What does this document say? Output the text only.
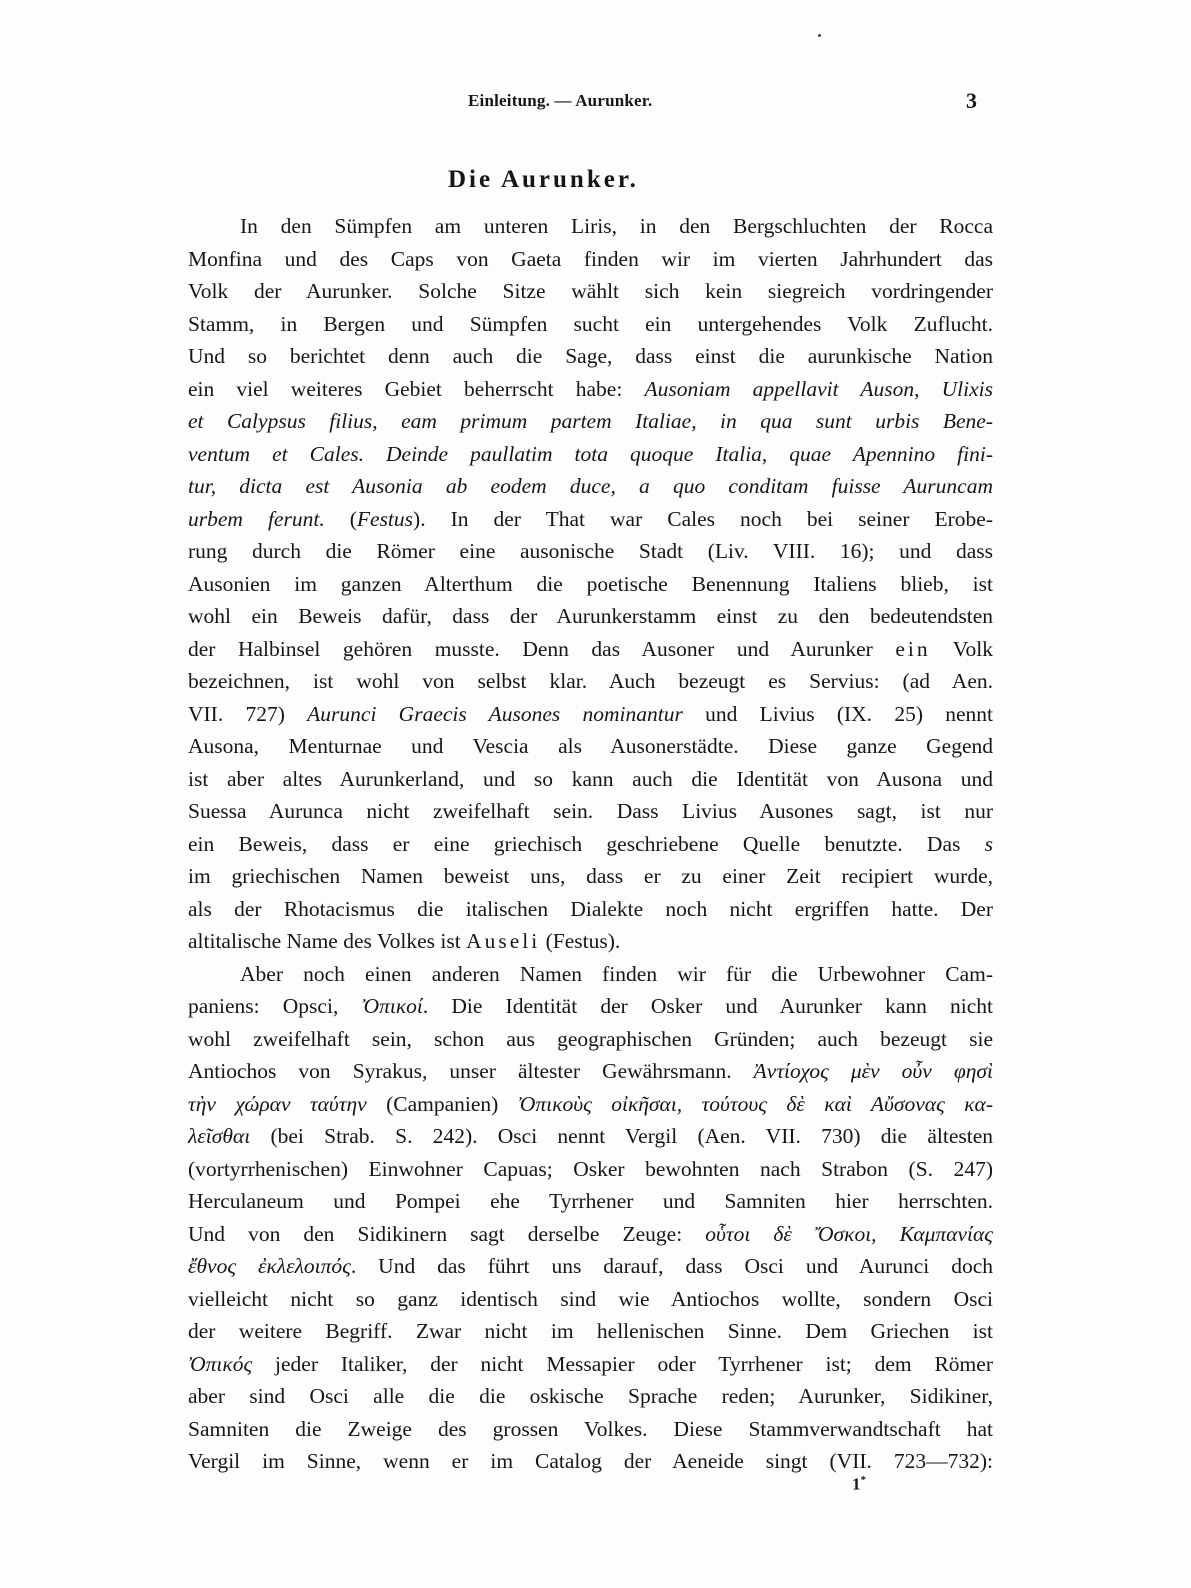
Einleitung. — Aurunker.	3
Die Aurunker.
In den Sümpfen am unteren Liris, in den Bergschluchten der Rocca
Monfina und des Caps von Gaeta finden wir im vierten Jahrhundert das
Volk der Aurunker. Solche Sitze wählt sich kein siegreich vordringender
Stamm, in Bergen und Sümpfen sucht ein untergehendes Volk Zuflucht.
Und so berichtet denn auch die Sage, dass einst die aurunkische Nation
ein viel weiteres Gebiet beherrscht habe: Ausoniam appellavit Auson, Ulixis
et Calypsus filius, eam primum partem Italiae, in qua sunt urbis Bene-
ventum et Cales. Deinde paullatim tota quoque Italia, quae Apennino fini-
tur, dicta est Ausonia ab eodem duce, a quo conditam fuisse Auruncam
urbem ferunt. (Festus). In der That war Cales noch bei seiner Erobe-
rung durch die Römer eine ausonische Stadt (Liv. VIII. 16); und dass
Ausonien im ganzen Alterthum die poetische Benennung Italiens blieb, ist
wohl ein Beweis dafür, dass der Aurunkerstamm einst zu den bedeutendsten
der Halbinsel gehören musste. Denn das Ausoner und Aurunker ein Volk
bezeichnen, ist wohl von selbst klar. Auch bezeugt es Servius: (ad Aen.
VII. 727) Aurunci Graecis Ausones nominantur und Livius (IX. 25) nennt
Ausona, Menturnae und Vescia als Ausonerstädte. Diese ganze Gegend
ist aber altes Aurunkerland, und so kann auch die Identität von Ausona und
Suessa Aurunca nicht zweifelhaft sein. Dass Livius Ausones sagt, ist nur
ein Beweis, dass er eine griechisch geschriebene Quelle benutzte. Das s
im griechischen Namen beweist uns, dass er zu einer Zeit recipiert wurde,
als der Rhotacismus die italischen Dialekte noch nicht ergriffen hatte. Der
altitalische Name des Volkes ist Auseli (Festus).
Aber noch einen anderen Namen finden wir für die Urbewohner Cam-
paniens: Opsci, Ὀπικοί. Die Identität der Osker und Aurunker kann nicht
wohl zweifelhaft sein, schon aus geographischen Gründen; auch bezeugt sie
Antiochos von Syrakus, unser ältester Gewährsmann. Ἀντίοχος μὲν οὖν φησὶ
τὴν χώραν ταύτην (Campanien) Ὀπικοὺς οἰκῆσαι, τούτους δὲ καὶ Αὔσονας κα-
λεῖσθαι (bei Strab. S. 242). Osci nennt Vergil (Aen. VII. 730) die ältesten
(vortyrrhenischen) Einwohner Capuas; Osker bewohnten nach Strabon (S. 247)
Herculaneum und Pompei ehe Tyrrhener und Samniten hier herrschten.
Und von den Sidikinern sagt derselbe Zeuge: οὗτοι δὲ Ὄσκοι, Καμπανίας
ἔθνος ἐκλελοιπός. Und das führt uns darauf, dass Osci und Aurunci doch
vielleicht nicht so ganz identisch sind wie Antiochos wollte, sondern Osci
der weitere Begriff. Zwar nicht im hellenischen Sinne. Dem Griechen ist
Ὀπικός jeder Italiker, der nicht Messapier oder Tyrrhener ist; dem Römer
aber sind Osci alle die die oskische Sprache reden; Aurunker, Sidikiner,
Samniten die Zweige des grossen Volkes. Diese Stammverwandtschaft hat
Vergil im Sinne, wenn er im Catalog der Aeneide singt (VII. 723—732):
1*
